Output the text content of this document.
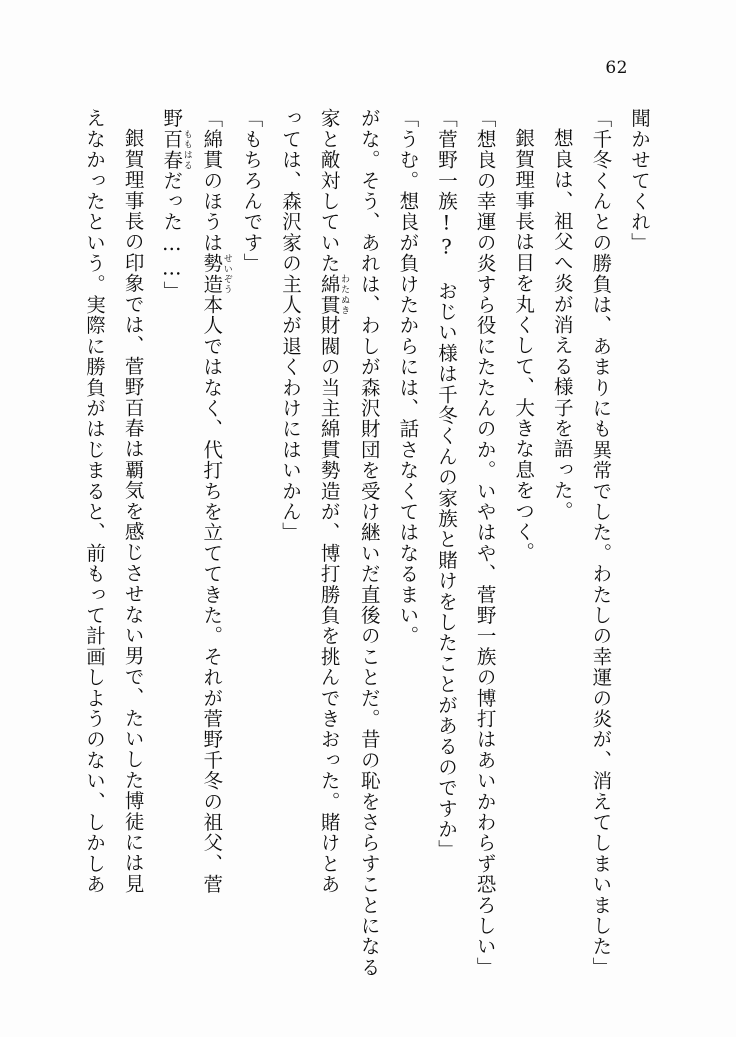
62

聞かせてくれ」

「千冬くんとの勝負は、あまりにも異常でした。わたしの幸運の炎が、消えてしまいました」

想良は、祖父へ炎が消える様子を語った。

銀賀理事長は目を丸くして、大きな息をつく。

「想良の幸運の炎すら役にたたんのか。いやはや、菅野一族の博打はあいかわらず恐ろしい」

「菅野一族!?　おじい様は千冬くんの家族と賭けをしたことがあるのですか」

「うむ。想良が負けたからには、話さなくてはなるまい。

がな。そう、あれは、わしが森沢財団を受け継いだ直後のことだ。昔の恥をさらすことになる

家と敵対していた綿貫わたぬき財閥の当主綿貫勢造が、博打勝負を挑んできおった。賭けとあ

っては、森沢家の主人が退くわけにはいかん」

「もちろんです」

「綿貫のほうは勢造せいぞう本人ではなく、代打ちを立ててきた。それが菅野千冬の祖父、菅

野百春ももはるだった……」

銀賀理事長の印象では、菅野百春は覇気を感じさせない男で、たいした博徒には見

えなかったという。実際に勝負がはじまると、前もって計画しようのない、しかしあ
